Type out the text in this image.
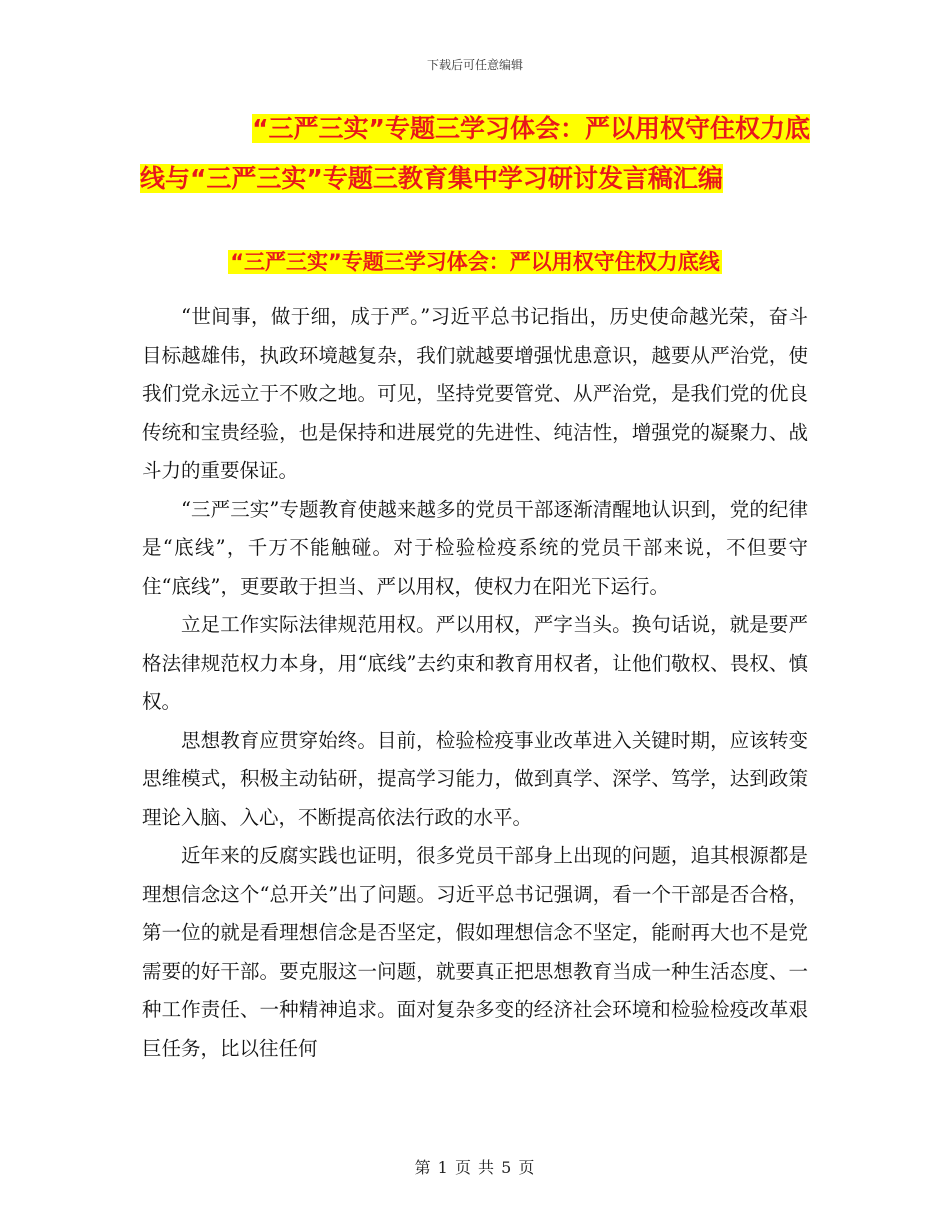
下载后可任意编辑
“三严三实”专题三学习体会：严以用权守住权力底
线与“三严三实”专题三教育集中学习研讨发言稿汇编
“三严三实”专题三学习体会：严以用权守住权力底线

“世间事，做于细，成于严。”习近平总书记指出，历史使命越光荣，奋斗目标越雄伟，执政环境越复杂，我们就越要增强忧患意识，越要从严治党，使我们党永远立于不败之地。可见，坚持党要管党、从严治党，是我们党的优良传统和宝贵经验，也是保持和进展党的先进性、纯洁性，增强党的凝聚力、战斗力的重要保证。

“三严三实”专题教育使越来越多的党员干部逐渐清醒地认识到，党的纪律是“底线”，千万不能触碰。对于检验检疫系统的党员干部来说，不但要守住“底线”，更要敢于担当、严以用权，使权力在阳光下运行。

立足工作实际法律规范用权。严以用权，严字当头。换句话说，就是要严格法律规范权力本身，用“底线”去约束和教育用权者，让他们敬权、畏权、慎权。

思想教育应贯穿始终。目前，检验检疫事业改革进入关键时期，应该转变思维模式，积极主动钻研，提高学习能力，做到真学、深学、笃学，达到政策理论入脑、入心，不断提高依法行政的水平。

近年来的反腐实践也证明，很多党员干部身上出现的问题，追其根源都是理想信念这个“总开关”出了问题。习近平总书记强调，看一个干部是否合格，第一位的就是看理想信念是否坚定，假如理想信念不坚定，能耐再大也不是党需要的好干部。要克服这一问题，就要真正把思想教育当成一种生活态度、一种工作责任、一种精神追求。面对复杂多变的经济社会环境和检验检疫改革艰巨任务，比以往任何

第 1 页 共 5 页
